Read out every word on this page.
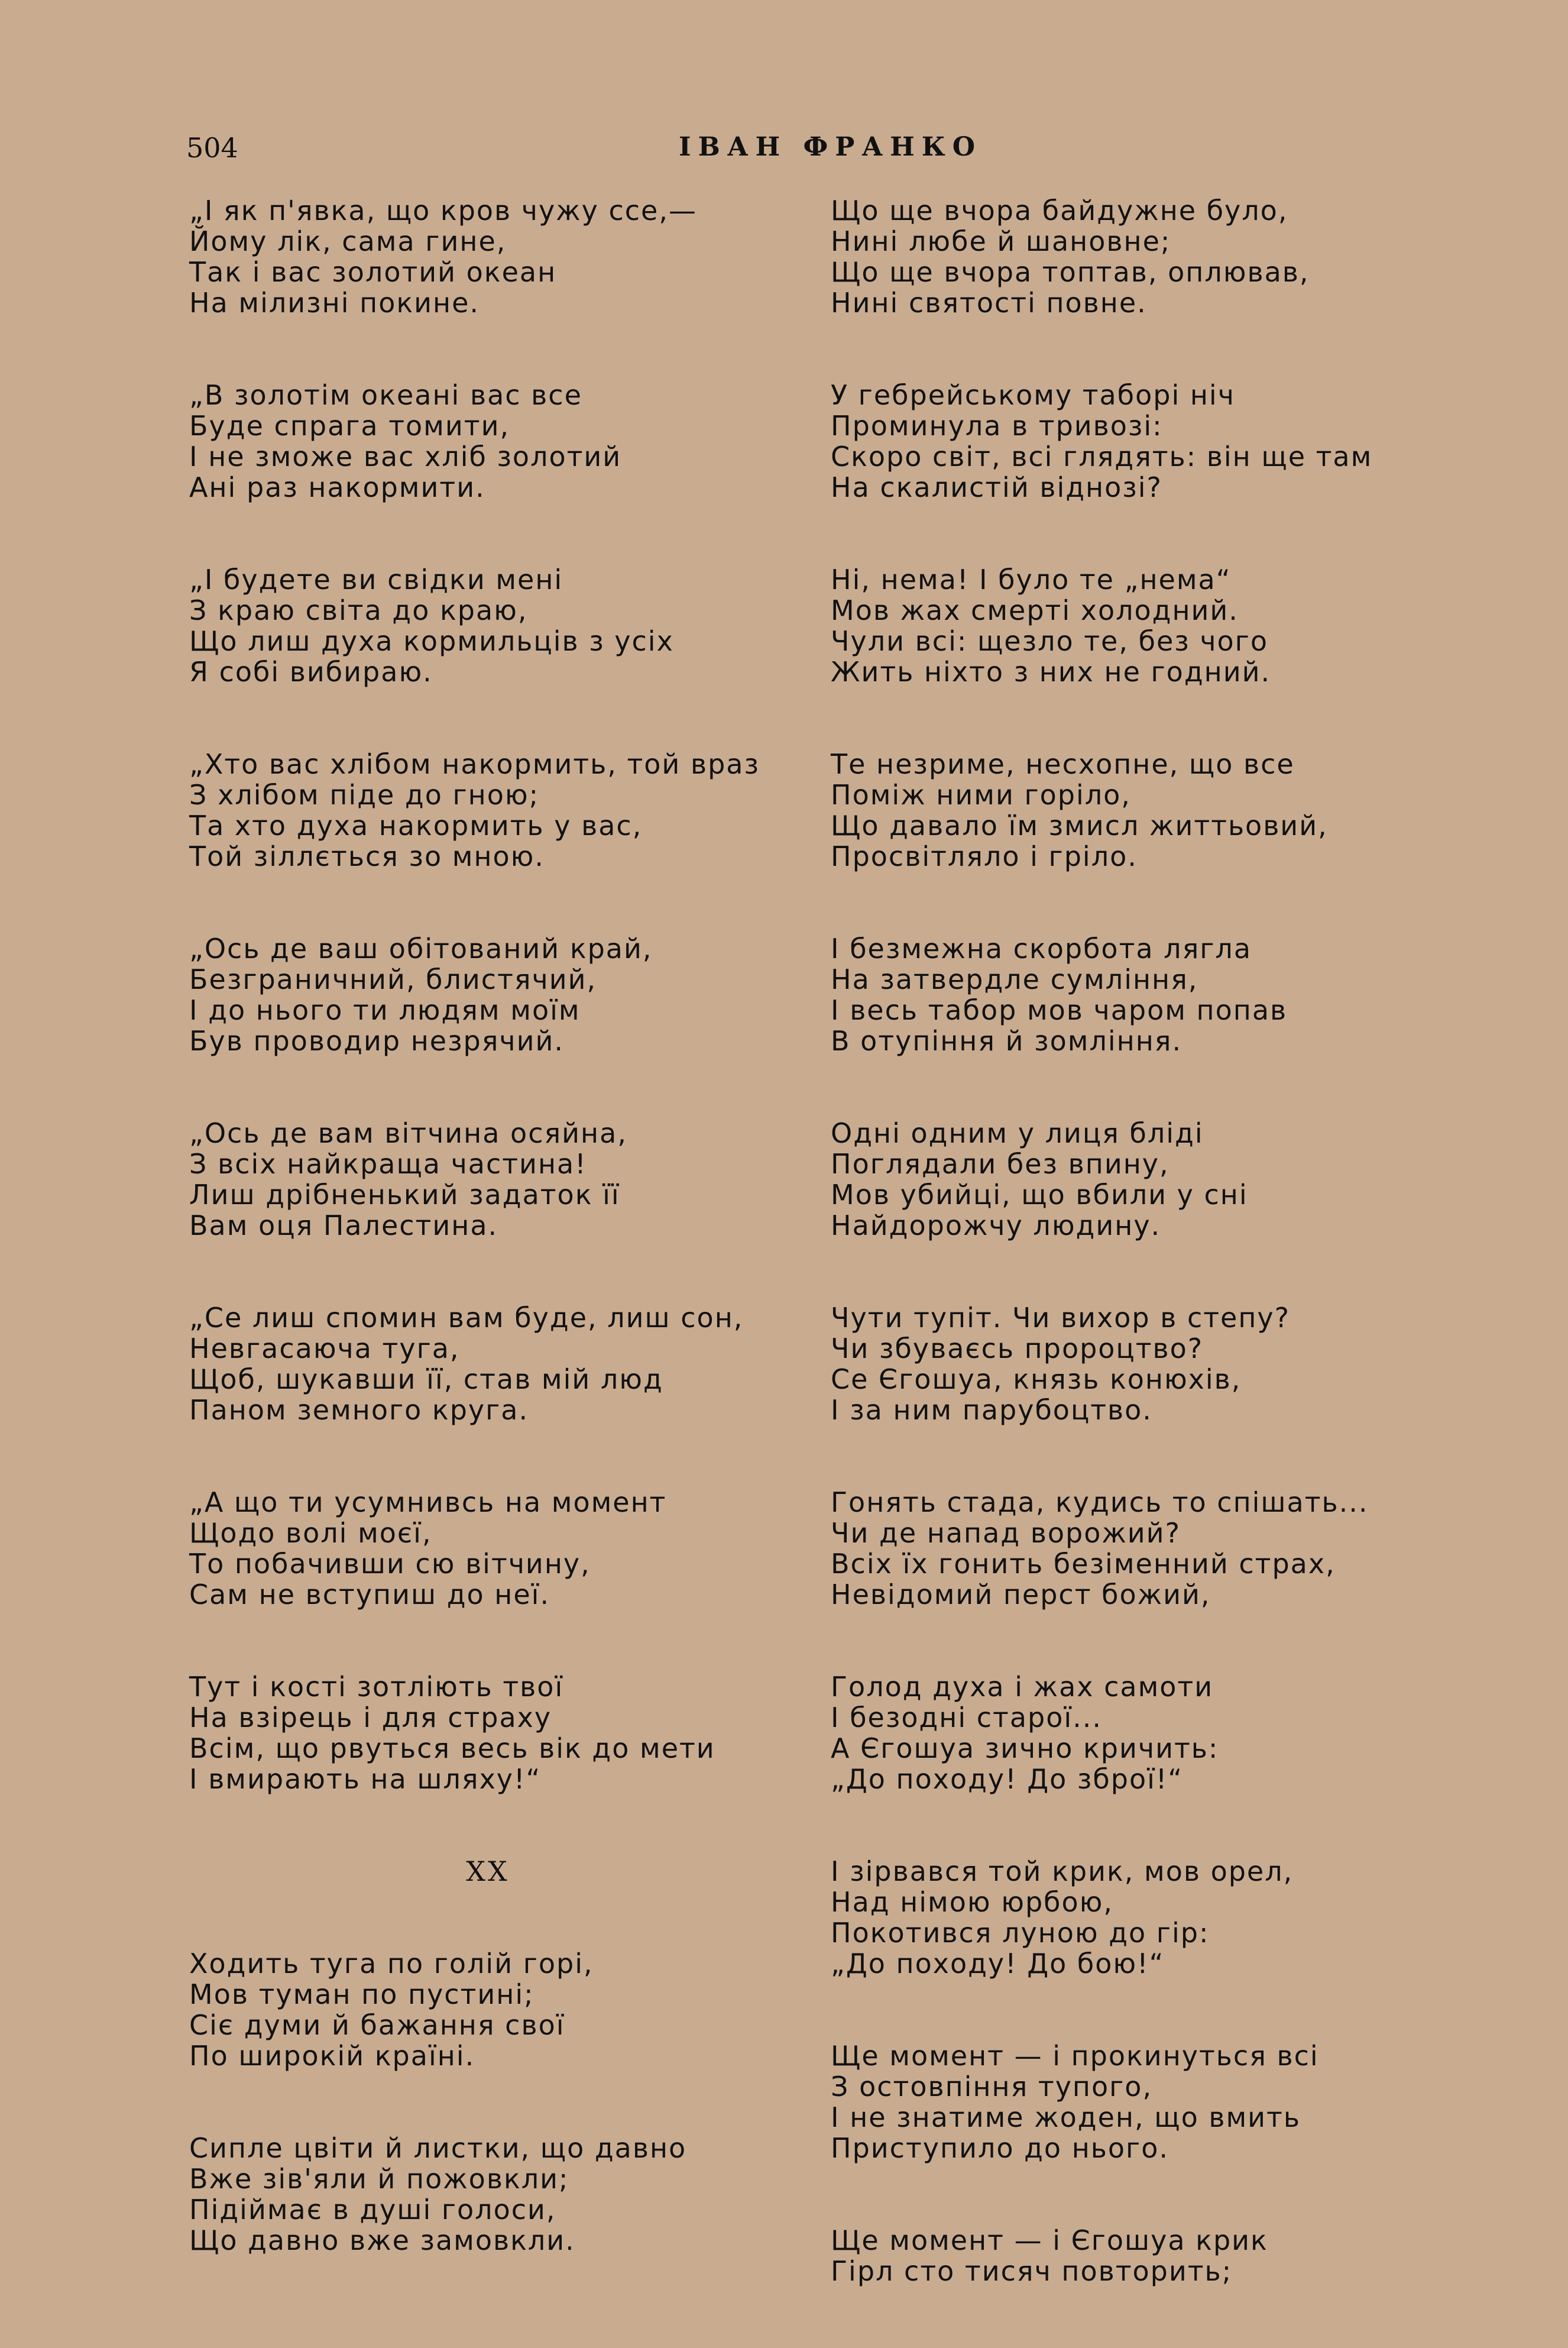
504	ІВАН ФРАНКО
„І як п'явка, що кров чужу ссе,—
Йому лік, сама гине,
Так і вас золотий океан
На мілизні покине.
„В золотім океані вас все
Буде спрага томити,
І не зможе вас хліб золотий
Ані раз накормити.
„І будете ви свідки мені
З краю світа до краю,
Що лиш духа кормильців з усіх
Я собі вибираю.
„Хто вас хлібом накормить, той враз
З хлібом піде до гною;
Та хто духа накормить у вас,
Той зіллється зо мною.
„Ось де ваш обітований край,
Безграничний, блистячий,
І до нього ти людям моїм
Був проводир незрячий.
„Ось де вам вітчина осяйна,
З всіх найкраща частина!
Лиш дрібненький задаток її
Вам оця Палестина.
„Се лиш спомин вам буде, лиш сон,
Невгасаюча туга,
Щоб, шукавши її, став мій люд
Паном земного круга.
„А що ти усумнивсь на момент
Щодо волі моєї,
То побачивши сю вітчину,
Сам не вступиш до неї.
Тут і кості зотліють твої
На взірець і для страху
Всім, що рвуться весь вік до мети
І вмирають на шляху!“
XX
Ходить туга по голій горі,
Мов туман по пустині;
Сіє думи й бажання свої
По широкій країні.
Сипле цвіти й листки, що давно
Вже зів'яли й пожовкли;
Підіймає в душі голоси,
Що давно вже замовкли.
Що ще вчора байдужне було,
Нині любе й шановне;
Що ще вчора топтав, оплював,
Нині святості повне.
У гебрейському таборі ніч
Проминула в тривозі:
Скоро світ, всі глядять: він ще там
На скалистій віднозі?
Ні, нема! І було те „нема“
Мов жах смерті холодний.
Чули всі: щезло те, без чого
Жить ніхто з них не годний.
Те незриме, несхопне, що все
Поміж ними горіло,
Що давало їм змисл життьовий,
Просвітляло і гріло.
І безмежна скорбота лягла
На затвердле сумління,
І весь табор мов чаром попав
В отупіння й зомління.
Одні одним у лиця бліді
Поглядали без впину,
Мов убийці, що вбили у сні
Найдорожчу людину.
Чути тупіт. Чи вихор в степу?
Чи збуваєсь пророцтво?
Се Єгошуа, князь конюхів,
І за ним парубоцтво.
Гонять стада, кудись то спішать...
Чи де напад ворожий?
Всіх їх гонить безіменний страх,
Невідомий перст божий,
Голод духа і жах самоти
І безодні старої...
А Єгошуа зично кричить:
„До походу! До зброї!“
І зірвався той крик, мов орел,
Над німою юрбою,
Покотився луною до гір:
„До походу! До бою!“
Ще момент — і прокинуться всі
З остовпіння тупого,
І не знатиме жоден, що вмить
Приступило до нього.
Ще момент — і Єгошуа крик
Гірл сто тисяч повторить;
